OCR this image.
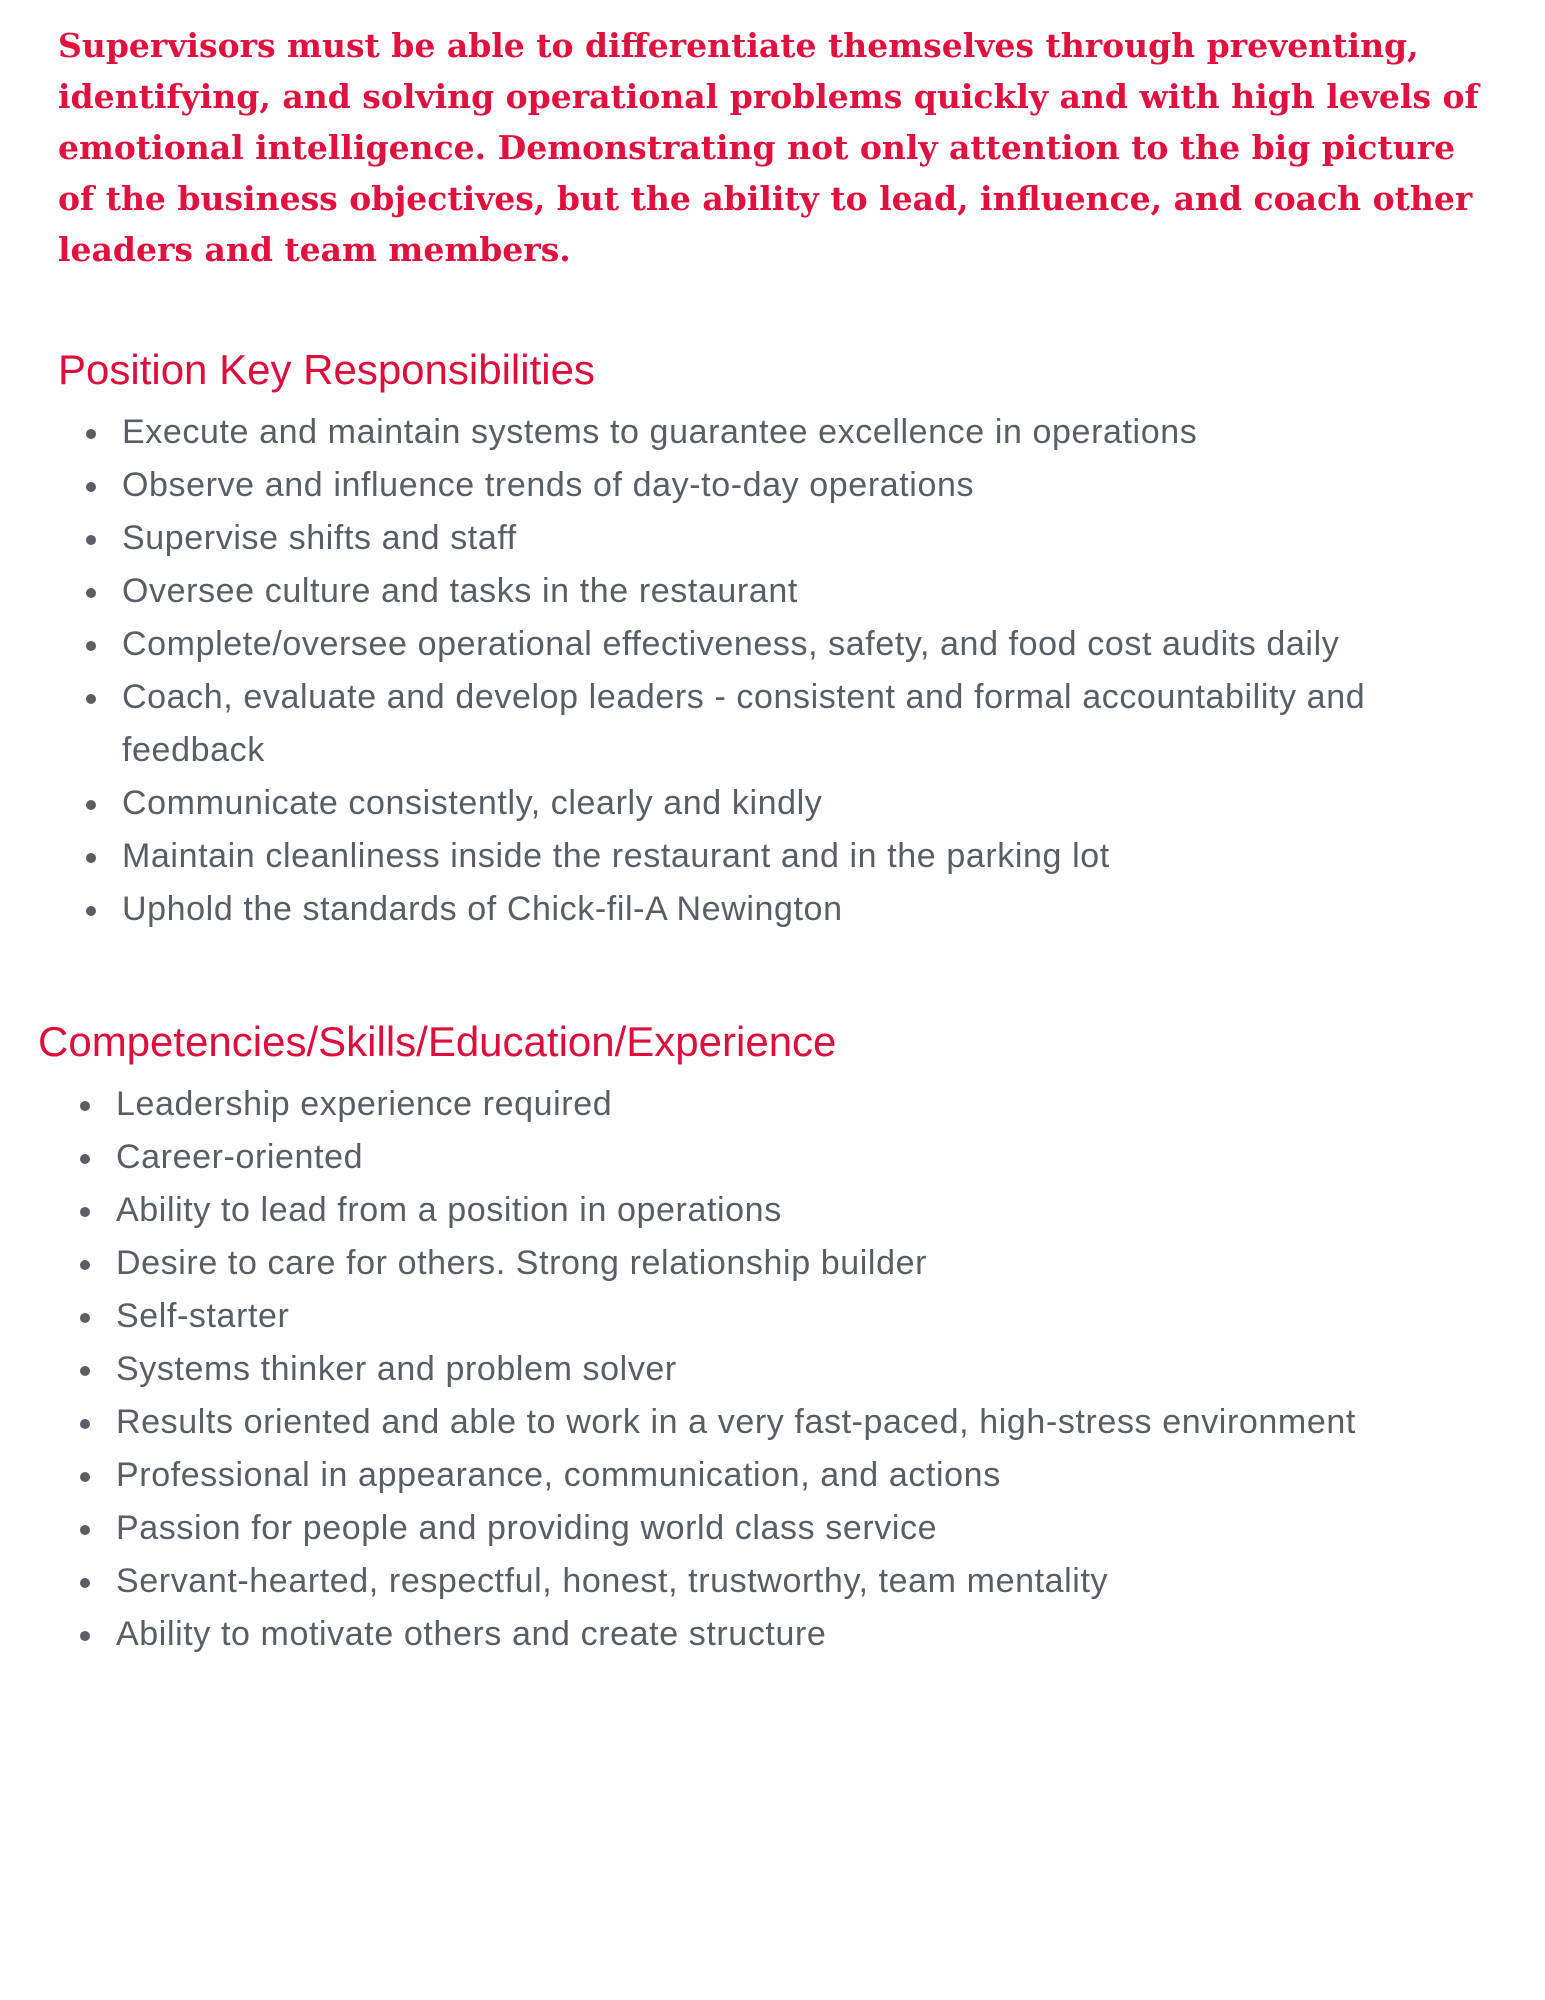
Supervisors must be able to differentiate themselves through preventing, identifying, and solving operational problems quickly and with high levels of emotional intelligence. Demonstrating not only attention to the big picture of the business objectives, but the ability to lead, influence, and coach other leaders and team members.

Position Key Responsibilities
Execute and maintain systems to guarantee excellence in operations
Observe and influence trends of day-to-day operations
Supervise shifts and staff
Oversee culture and tasks in the restaurant
Complete/oversee operational effectiveness, safety, and food cost audits daily
Coach, evaluate and develop leaders - consistent and formal accountability and feedback
Communicate consistently, clearly and kindly
Maintain cleanliness inside the restaurant and in the parking lot
Uphold the standards of Chick-fil-A Newington
Competencies/Skills/Education/Experience
Leadership experience required
Career-oriented
Ability to lead from a position in operations
Desire to care for others. Strong relationship builder
Self-starter
Systems thinker and problem solver
Results oriented and able to work in a very fast-paced, high-stress environment
Professional in appearance, communication, and actions
Passion for people and providing world class service
Servant-hearted, respectful, honest, trustworthy, team mentality
Ability to motivate others and create structure
